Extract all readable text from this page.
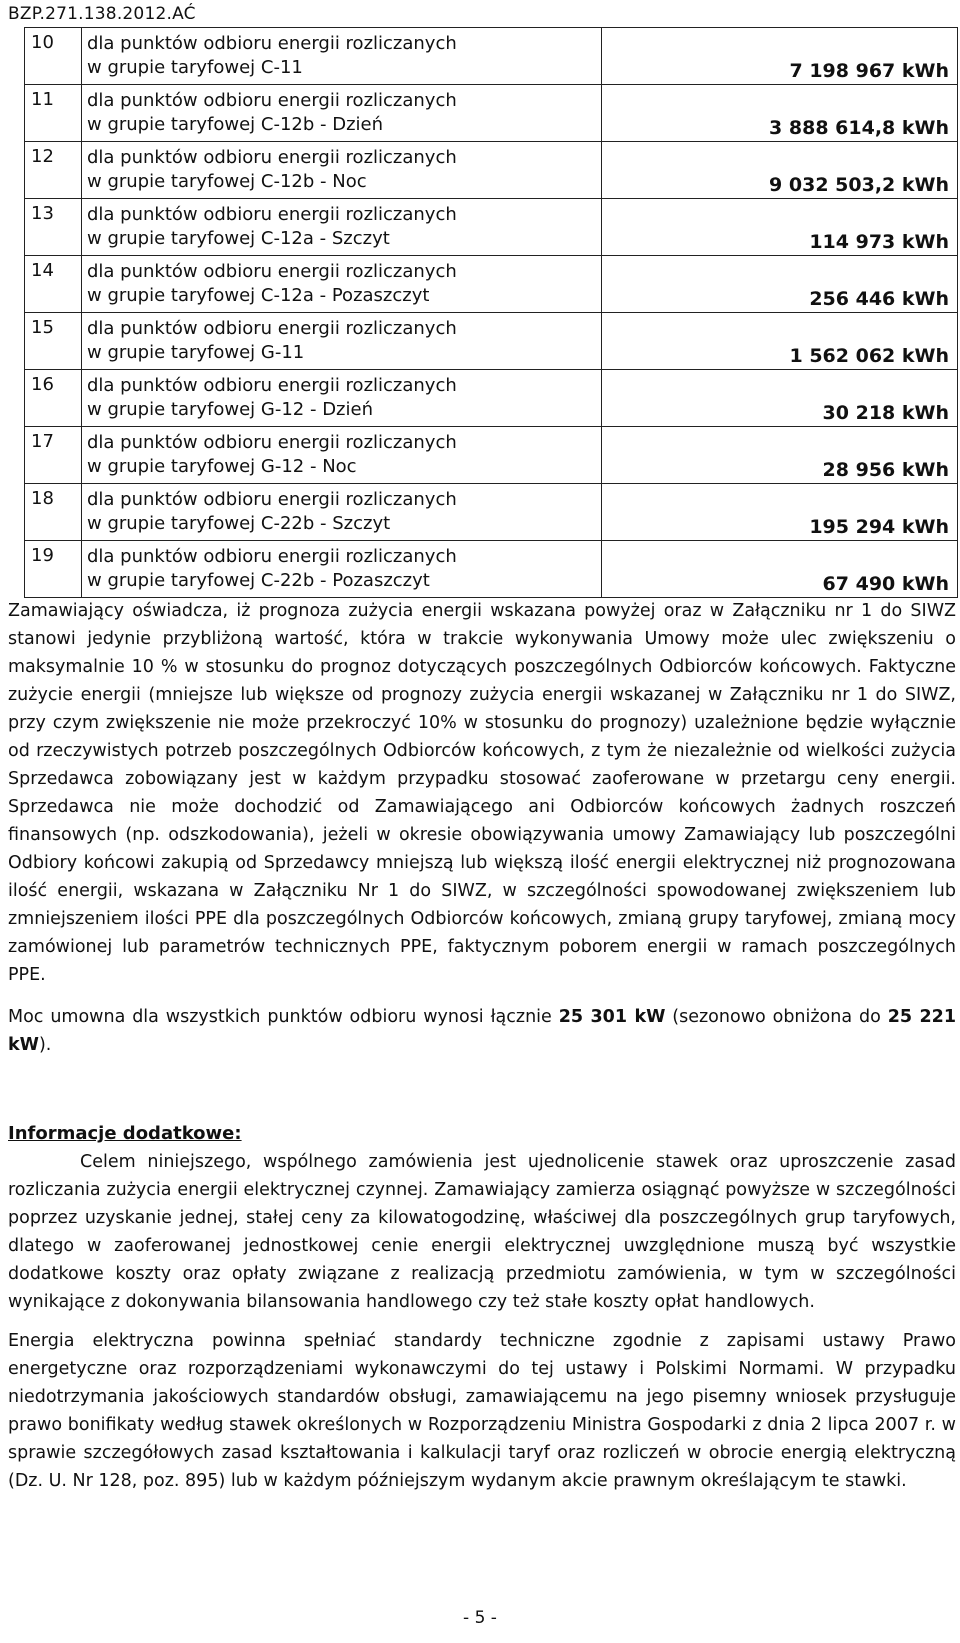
BZP.271.138.2012.AĆ
10	dla punktów odbioru energii rozliczanych
w grupie taryfowej C-11	7 198 967 kWh
11	dla punktów odbioru energii rozliczanych
w grupie taryfowej C-12b - Dzień	3 888 614,8 kWh
12	dla punktów odbioru energii rozliczanych
w grupie taryfowej C-12b - Noc	9 032 503,2 kWh
13	dla punktów odbioru energii rozliczanych
w grupie taryfowej C-12a - Szczyt	114 973 kWh
14	dla punktów odbioru energii rozliczanych
w grupie taryfowej C-12a - Pozaszczyt	256 446 kWh
15	dla punktów odbioru energii rozliczanych
w grupie taryfowej G-11	1 562 062 kWh
16	dla punktów odbioru energii rozliczanych
w grupie taryfowej G-12 - Dzień	30 218 kWh
17	dla punktów odbioru energii rozliczanych
w grupie taryfowej G-12 - Noc	28 956 kWh
18	dla punktów odbioru energii rozliczanych
w grupie taryfowej C-22b - Szczyt	195 294 kWh
19	dla punktów odbioru energii rozliczanych
w grupie taryfowej C-22b - Pozaszczyt	67 490 kWh

Zamawiający oświadcza, iż prognoza zużycia energii wskazana powyżej oraz w Załączniku nr 1 do SIWZ stanowi jedynie przybliżoną wartość, która w trakcie wykonywania Umowy może ulec zwiększeniu o maksymalnie 10 % w stosunku do prognoz dotyczących poszczególnych Odbiorców końcowych. Faktyczne zużycie energii (mniejsze lub większe od prognozy zużycia energii wskazanej w Załączniku nr 1 do SIWZ, przy czym zwiększenie nie może przekroczyć 10% w stosunku do prognozy) uzależnione będzie wyłącznie od rzeczywistych potrzeb poszczególnych Odbiorców końcowych, z tym że niezależnie od wielkości zużycia Sprzedawca zobowiązany jest w każdym przypadku stosować zaoferowane w przetargu ceny energii. Sprzedawca nie może dochodzić od Zamawiającego ani Odbiorców końcowych żadnych roszczeń finansowych (np. odszkodowania), jeżeli w okresie obowiązywania umowy Zamawiający lub poszczególni Odbiory końcowi zakupią od Sprzedawcy mniejszą lub większą ilość energii elektrycznej niż prognozowana ilość energii, wskazana w Załączniku Nr 1 do SIWZ, w szczególności spowodowanej zwiększeniem lub zmniejszeniem ilości PPE dla poszczególnych Odbiorców końcowych, zmianą grupy taryfowej, zmianą mocy zamówionej lub parametrów technicznych PPE, faktycznym poborem energii w ramach poszczególnych PPE.

Moc umowna dla wszystkich punktów odbioru wynosi łącznie 25 301 kW (sezonowo obniżona do 25 221 kW).

Informacje dodatkowe:

Celem niniejszego, wspólnego zamówienia jest ujednolicenie stawek oraz uproszczenie zasad rozliczania zużycia energii elektrycznej czynnej. Zamawiający zamierza osiągnąć powyższe w szczególności poprzez uzyskanie jednej, stałej ceny za kilowatogodzinę, właściwej dla poszczególnych grup taryfowych, dlatego w zaoferowanej jednostkowej cenie energii elektrycznej uwzględnione muszą być wszystkie dodatkowe koszty oraz opłaty związane z realizacją przedmiotu zamówienia, w tym w szczególności wynikające z dokonywania bilansowania handlowego czy też stałe koszty opłat handlowych.

Energia elektryczna powinna spełniać standardy techniczne zgodnie z zapisami ustawy Prawo energetyczne oraz rozporządzeniami wykonawczymi do tej ustawy i Polskimi Normami. W przypadku niedotrzymania jakościowych standardów obsługi, zamawiającemu na jego pisemny wniosek przysługuje prawo bonifikaty według stawek określonych w Rozporządzeniu Ministra Gospodarki z dnia 2 lipca 2007 r. w sprawie szczegółowych zasad kształtowania i kalkulacji taryf oraz rozliczeń w obrocie energią elektryczną (Dz. U. Nr 128, poz. 895) lub w każdym późniejszym wydanym akcie prawnym określającym te stawki.

- 5 -
